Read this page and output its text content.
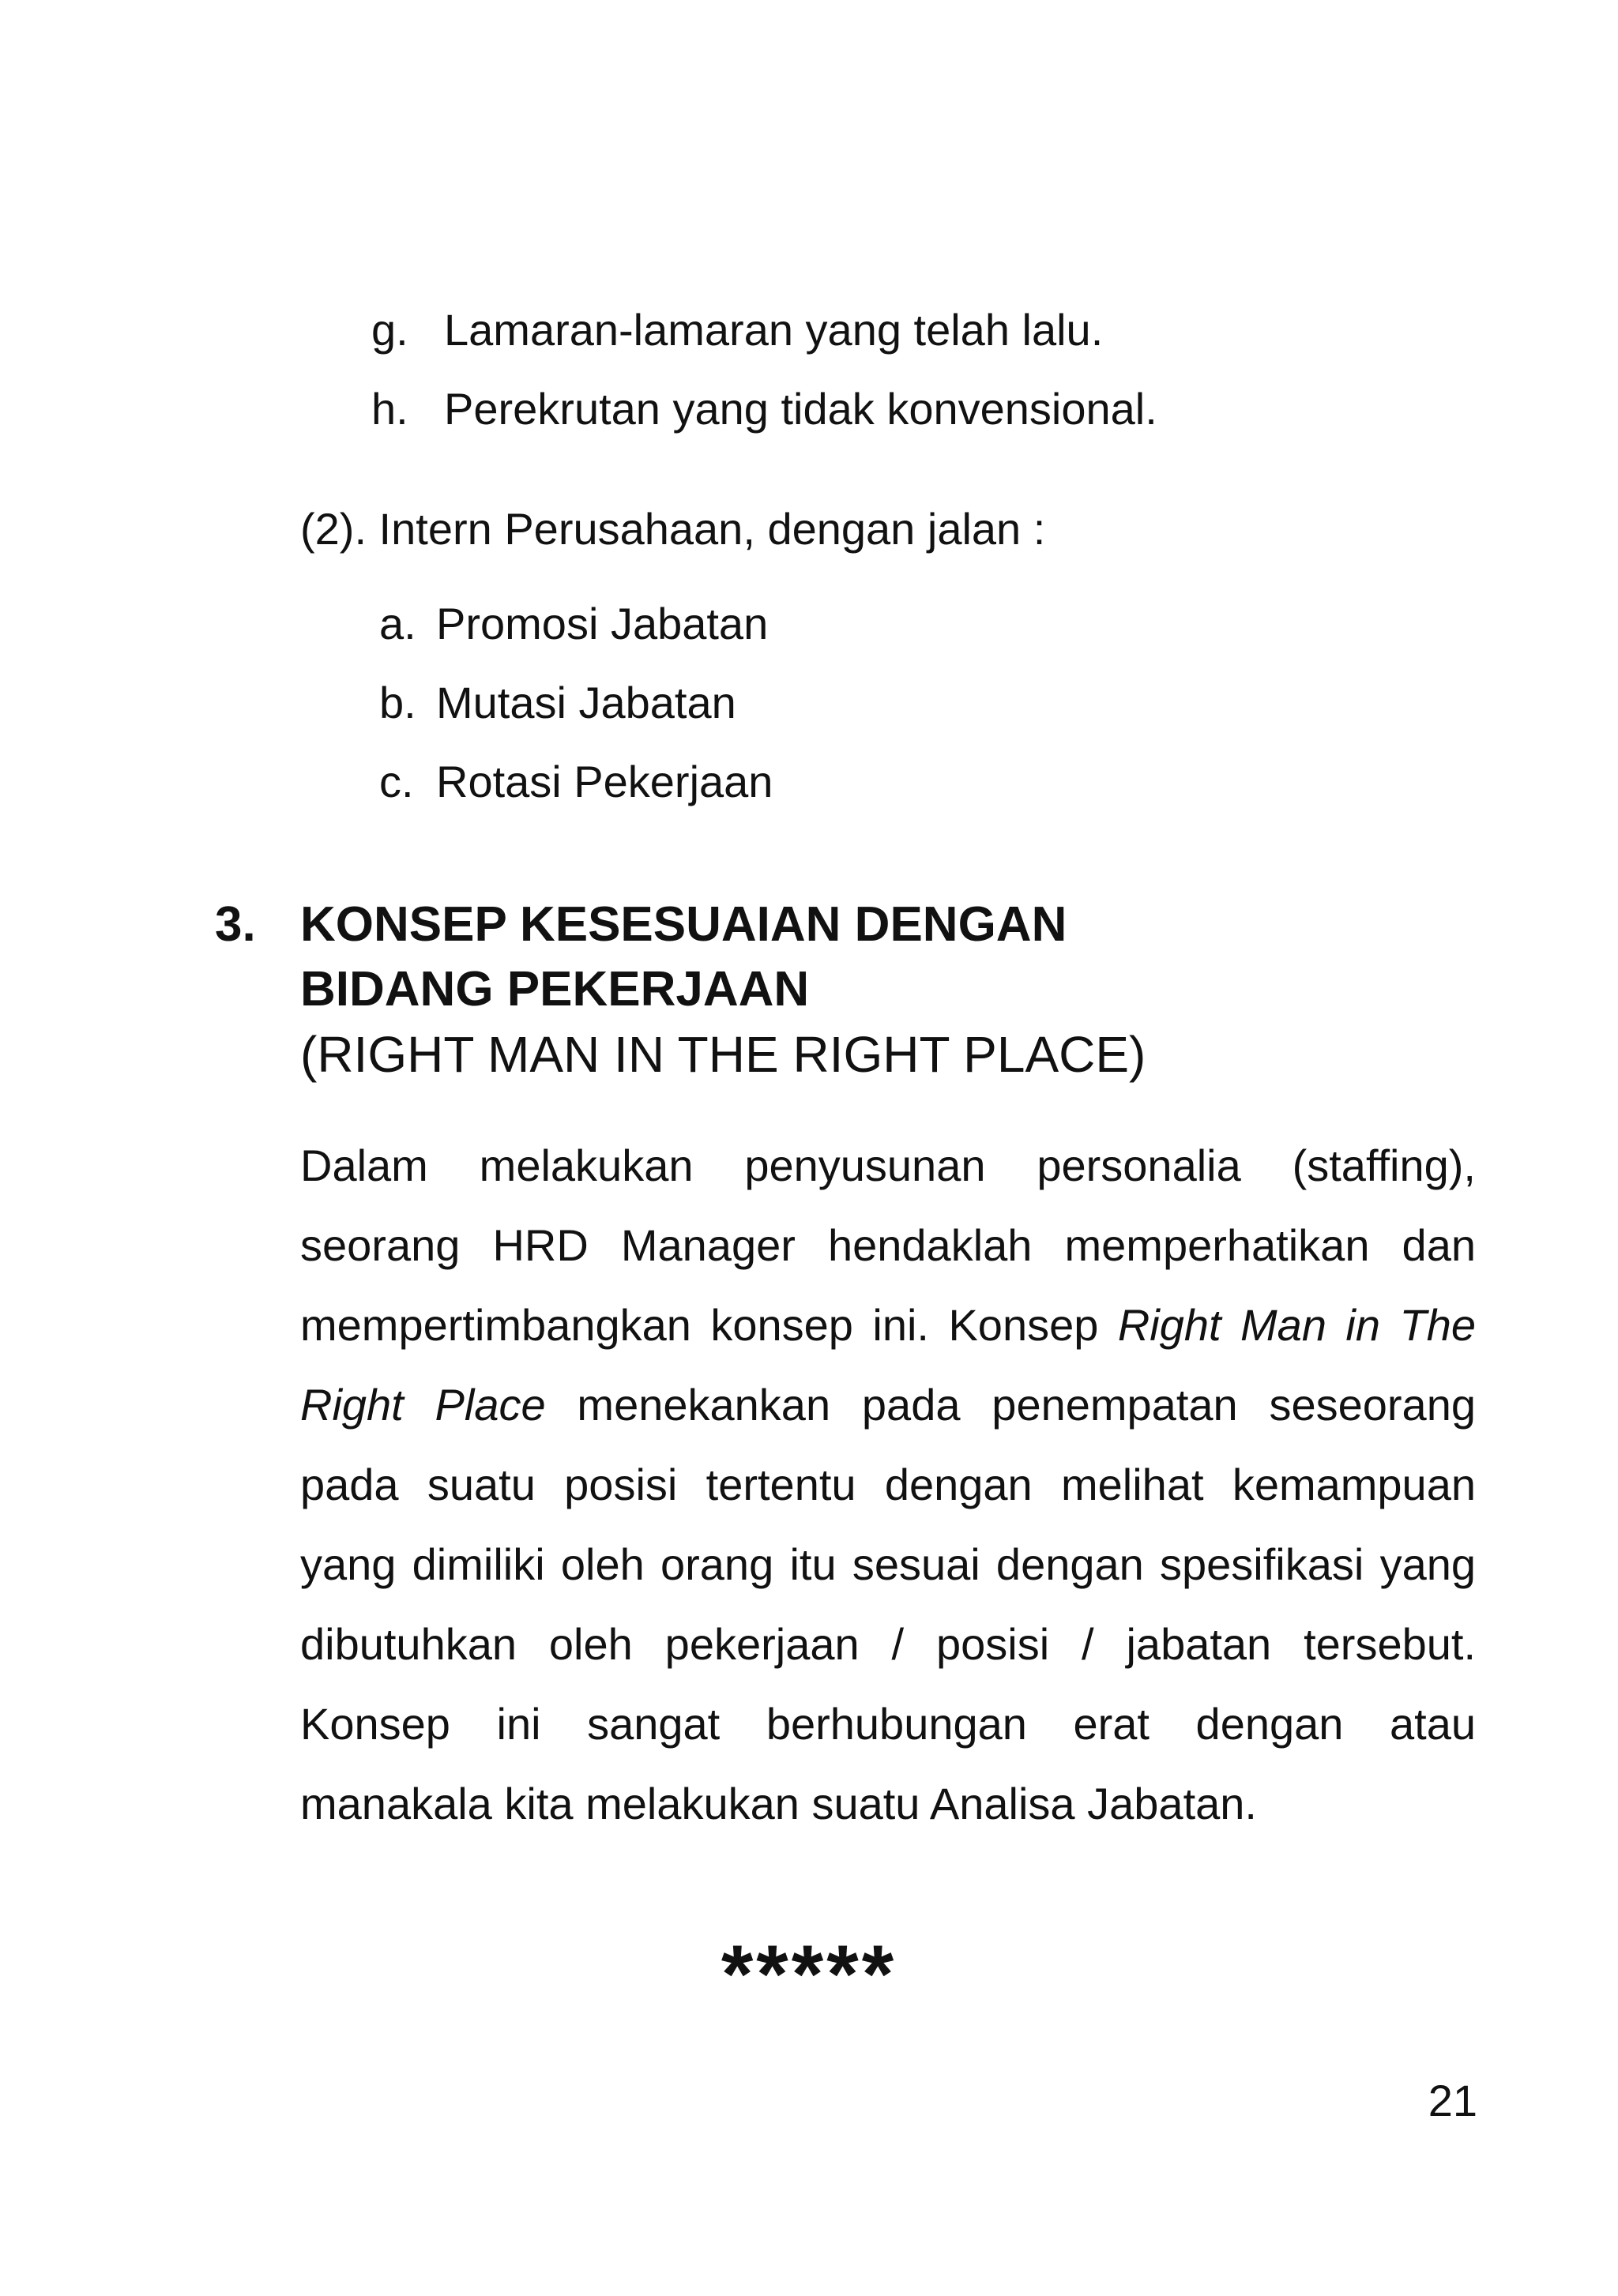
g. Lamaran-lamaran yang telah lalu.
h. Perekrutan yang tidak konvensional.
(2). Intern Perusahaan, dengan jalan :
a. Promosi Jabatan
b. Mutasi Jabatan
c. Rotasi Pekerjaan
3. KONSEP KESESUAIAN DENGAN
BIDANG PEKERJAAN
(RIGHT MAN IN THE RIGHT PLACE)

Dalam melakukan penyusunan personalia (staffing), seorang HRD Manager hendaklah memperhatikan dan mempertimbangkan konsep ini. Konsep Right Man in The Right Place menekankan pada penempatan seseorang pada suatu posisi tertentu dengan melihat kemampuan yang dimiliki oleh orang itu sesuai dengan spesifikasi yang dibutuhkan oleh pekerjaan / posisi / jabatan tersebut. Konsep ini sangat berhubungan erat dengan atau manakala kita melakukan suatu Analisa Jabatan.

*****
21
